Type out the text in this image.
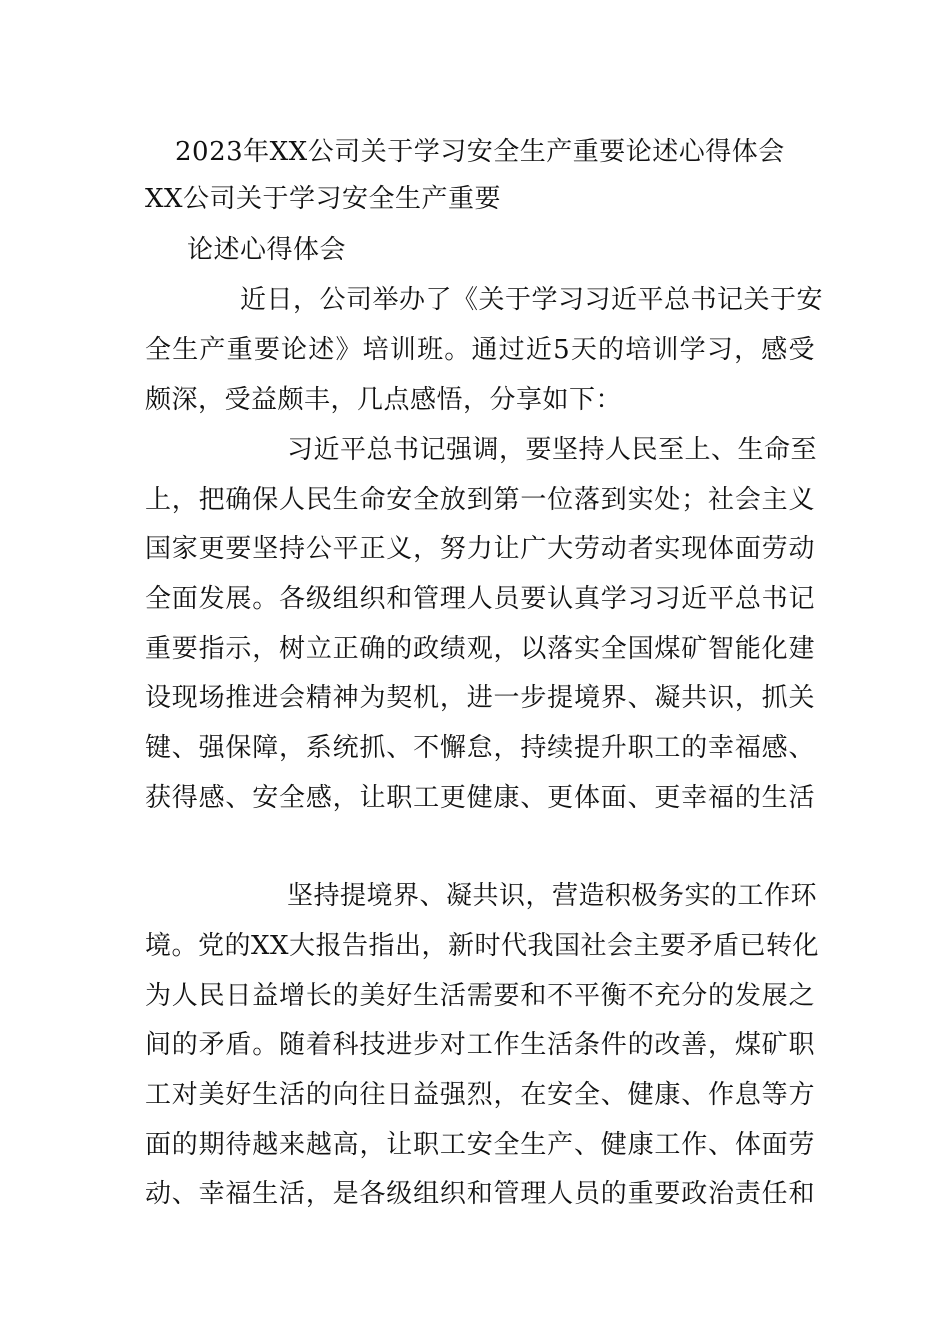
2023年XX公司关于学习安全生产重要论述心得体会
XX公司关于学习安全生产重要
论述心得体会
近日，公司举办了《关于学习习近平总书记关于安
全生产重要论述》培训班。通过近5天的培训学习，感受
颇深，受益颇丰，几点感悟，分享如下：
习近平总书记强调，要坚持人民至上、生命至
上，把确保人民生命安全放到第一位落到实处；社会主义
国家更要坚持公平正义，努力让广大劳动者实现体面劳动
全面发展。各级组织和管理人员要认真学习习近平总书记
重要指示，树立正确的政绩观，以落实全国煤矿智能化建
设现场推进会精神为契机，进一步提境界、凝共识，抓关
键、强保障，系统抓、不懈怠，持续提升职工的幸福感、
获得感、安全感，让职工更健康、更体面、更幸福的生活
坚持提境界、凝共识，营造积极务实的工作环
境。党的XX大报告指出，新时代我国社会主要矛盾已转化
为人民日益增长的美好生活需要和不平衡不充分的发展之
间的矛盾。随着科技进步对工作生活条件的改善，煤矿职
工对美好生活的向往日益强烈，在安全、健康、作息等方
面的期待越来越高，让职工安全生产、健康工作、体面劳
动、幸福生活，是各级组织和管理人员的重要政治责任和
